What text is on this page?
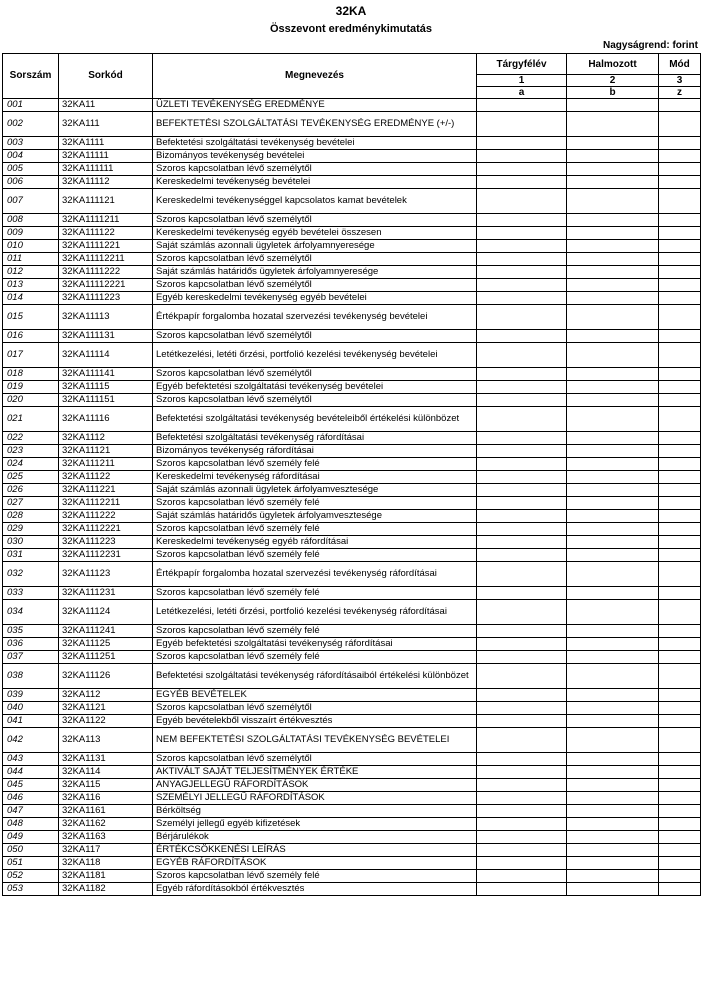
32KA
Összevont eredménykimutatás
Nagyságrend: forint
Sorszám	Sorkód	Megnevezés	Tárgyfélév	Halmozott	Mód
			1	2	3
			a	b	z
001	32KA11	ÜZLETI TEVÉKENYSÉG EREDMÉNYE			
002	32KA111	BEFEKTETÉSI SZOLGÁLTATÁSI TEVÉKENYSÉG EREDMÉNYE (+/-)			
003	32KA1111	Befektetési szolgáltatási tevékenység bevételei			
004	32KA11111	Bizományos tevékenység bevételei			
005	32KA111111	Szoros kapcsolatban lévő személytől			
006	32KA11112	Kereskedelmi tevékenység bevételei			
007	32KA111121	Kereskedelmi tevékenységgel kapcsolatos kamat bevételek			
008	32KA1111211	Szoros kapcsolatban lévő személytől			
009	32KA111122	Kereskedelmi tevékenység egyéb bevételei összesen			
010	32KA1111221	Saját számlás azonnali ügyletek árfolyamnyeresége			
011	32KA11112211	Szoros kapcsolatban lévő személytől			
012	32KA1111222	Saját számlás határidős ügyletek árfolyamnyeresége			
013	32KA11112221	Szoros kapcsolatban lévő személytől			
014	32KA1111223	Egyéb kereskedelmi tevékenység egyéb bevételei			
015	32KA11113	Értékpapír forgalomba hozatal szervezési tevékenység bevételei			
016	32KA111131	Szoros kapcsolatban lévő személytől			
017	32KA11114	Letétkezelési, letéti őrzési, portfolió kezelési tevékenység bevételei			
018	32KA111141	Szoros kapcsolatban lévő személytől			
019	32KA11115	Egyéb befektetési szolgáltatási tevékenység bevételei			
020	32KA111151	Szoros kapcsolatban lévő személytől			
021	32KA11116	Befektetési szolgáltatási tevékenység bevételeiből értékelési különbözet			
022	32KA1112	Befektetési szolgáltatási tevékenység ráfordításai			
023	32KA11121	Bizományos tevékenység ráfordításai			
024	32KA111211	Szoros kapcsolatban lévő személy felé			
025	32KA11122	Kereskedelmi tevékenység ráfordításai			
026	32KA111221	Saját számlás azonnali ügyletek árfolyamvesztesége			
027	32KA1112211	Szoros kapcsolatban lévő személy felé			
028	32KA111222	Saját számlás határidős ügyletek árfolyamvesztesége			
029	32KA1112221	Szoros kapcsolatban lévő személy felé			
030	32KA111223	Kereskedelmi tevékenység egyéb ráfordításai			
031	32KA1112231	Szoros kapcsolatban lévő személy felé			
032	32KA11123	Értékpapír forgalomba hozatal szervezési tevékenység ráfordításai			
033	32KA111231	Szoros kapcsolatban lévő személy felé			
034	32KA11124	Letétkezelési, letéti őrzési, portfolió kezelési tevékenység ráfordításai			
035	32KA111241	Szoros kapcsolatban lévő személy felé			
036	32KA11125	Egyéb befektetési szolgáltatási tevékenység ráfordításai			
037	32KA111251	Szoros kapcsolatban lévő személy felé			
038	32KA11126	Befektetési szolgáltatási tevékenység ráfordításaiból értékelési különbözet			
039	32KA112	EGYÉB BEVÉTELEK			
040	32KA1121	Szoros kapcsolatban lévő személytől			
041	32KA1122	Egyéb bevételekből visszaírt értékvesztés			
042	32KA113	NEM BEFEKTETÉSI SZOLGÁLTATÁSI TEVÉKENYSÉG BEVÉTELEI			
043	32KA1131	Szoros kapcsolatban lévő személytől			
044	32KA114	AKTIVÁLT SAJÁT TELJESÍTMÉNYEK ÉRTÉKE			
045	32KA115	ANYAGJELLEGŰ RÁFORDÍTÁSOK			
046	32KA116	SZEMÉLYI JELLEGŰ RÁFORDÍTÁSOK			
047	32KA1161	Bérköltség			
048	32KA1162	Személyi jellegű egyéb kifizetések			
049	32KA1163	Bérjárulékok			
050	32KA117	ÉRTÉKCSÖKKENÉSI LEÍRÁS			
051	32KA118	EGYÉB RÁFORDÍTÁSOK			
052	32KA1181	Szoros kapcsolatban lévő személy felé			
053	32KA1182	Egyéb ráfordításokból értékvesztés			
